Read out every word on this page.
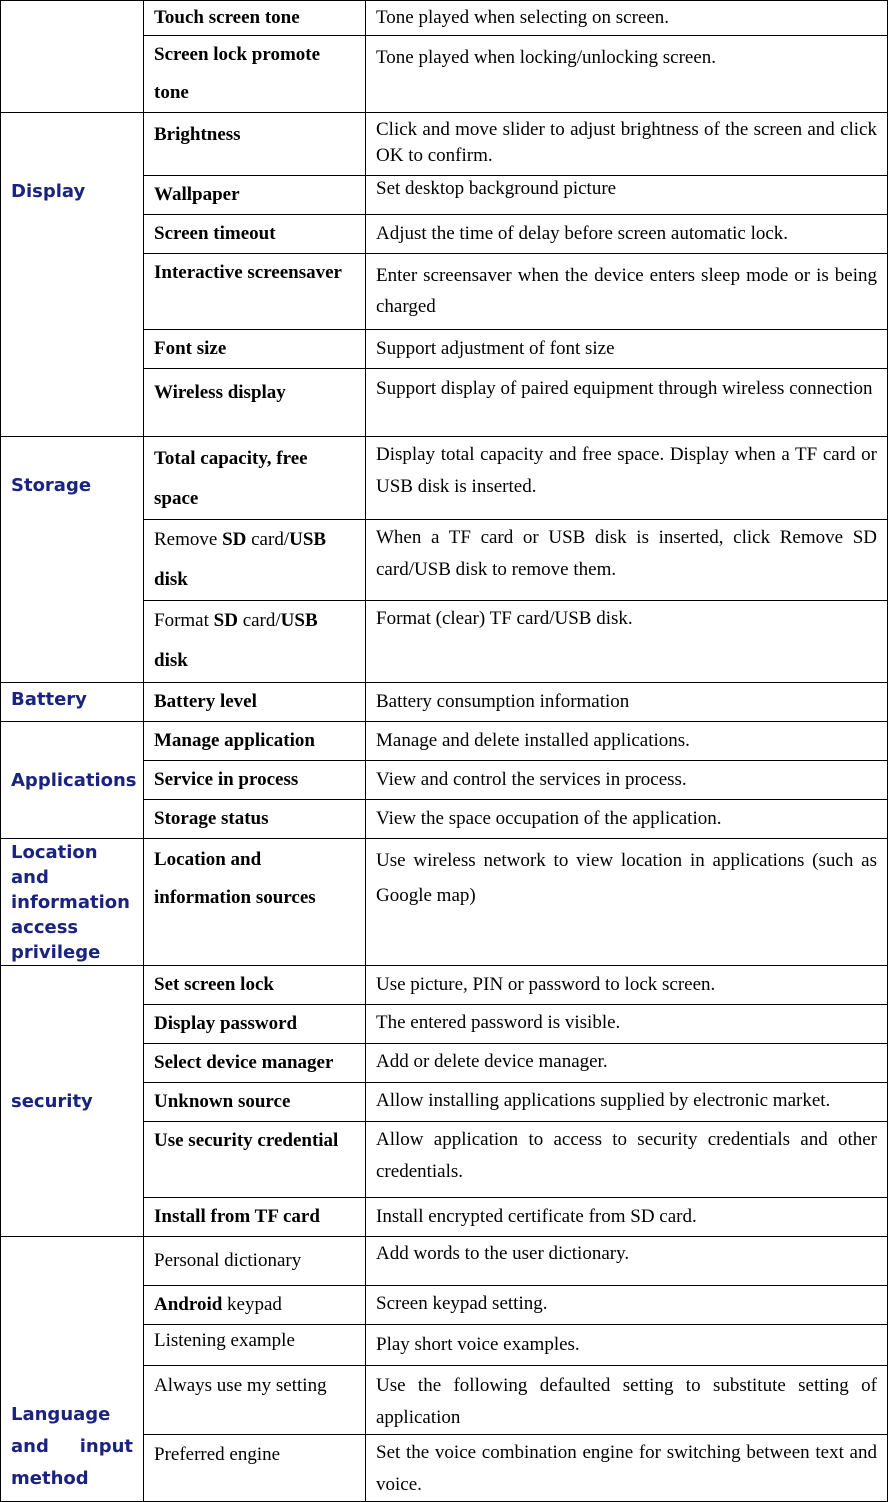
	Touch screen tone	Tone played when selecting on screen.
	Screen lock promote tone	Tone played when locking/unlocking screen.
Display	Brightness	Click and move slider to adjust brightness of the screen and click OK to confirm.
	Wallpaper	Set desktop background picture
	Screen timeout	Adjust the time of delay before screen automatic lock.
	Interactive screensaver	Enter screensaver when the device enters sleep mode or is being charged
	Font size	Support adjustment of font size
	Wireless display	Support display of paired equipment through wireless connection
Storage	Total capacity, free space	Display total capacity and free space. Display when a TF card or USB disk is inserted.
	Remove SD card/USB disk	When a TF card or USB disk is inserted, click Remove SD card/USB disk to remove them.
	Format SD card/USB disk	Format (clear) TF card/USB disk.
Battery	Battery level	Battery consumption information
Applications	Manage application	Manage and delete installed applications.
	Service in process	View and control the services in process.
	Storage status	View the space occupation of the application.
Location and information access privilege	Location and information sources	Use wireless network to view location in applications (such as Google map)
security	Set screen lock	Use picture, PIN or password to lock screen.
	Display password	The entered password is visible.
	Select device manager	Add or delete device manager.
	Unknown source	Allow installing applications supplied by electronic market.
	Use security credential	Allow application to access to security credentials and other credentials.
	Install from TF card	Install encrypted certificate from SD card.

Language
and input
method	Personal dictionary	Add words to the user dictionary.
	Android keypad	Screen keypad setting.
	Listening example	Play short voice examples.
	Always use my setting	Use the following defaulted setting to substitute setting of application
	Preferred engine	Set the voice combination engine for switching between text and voice.
